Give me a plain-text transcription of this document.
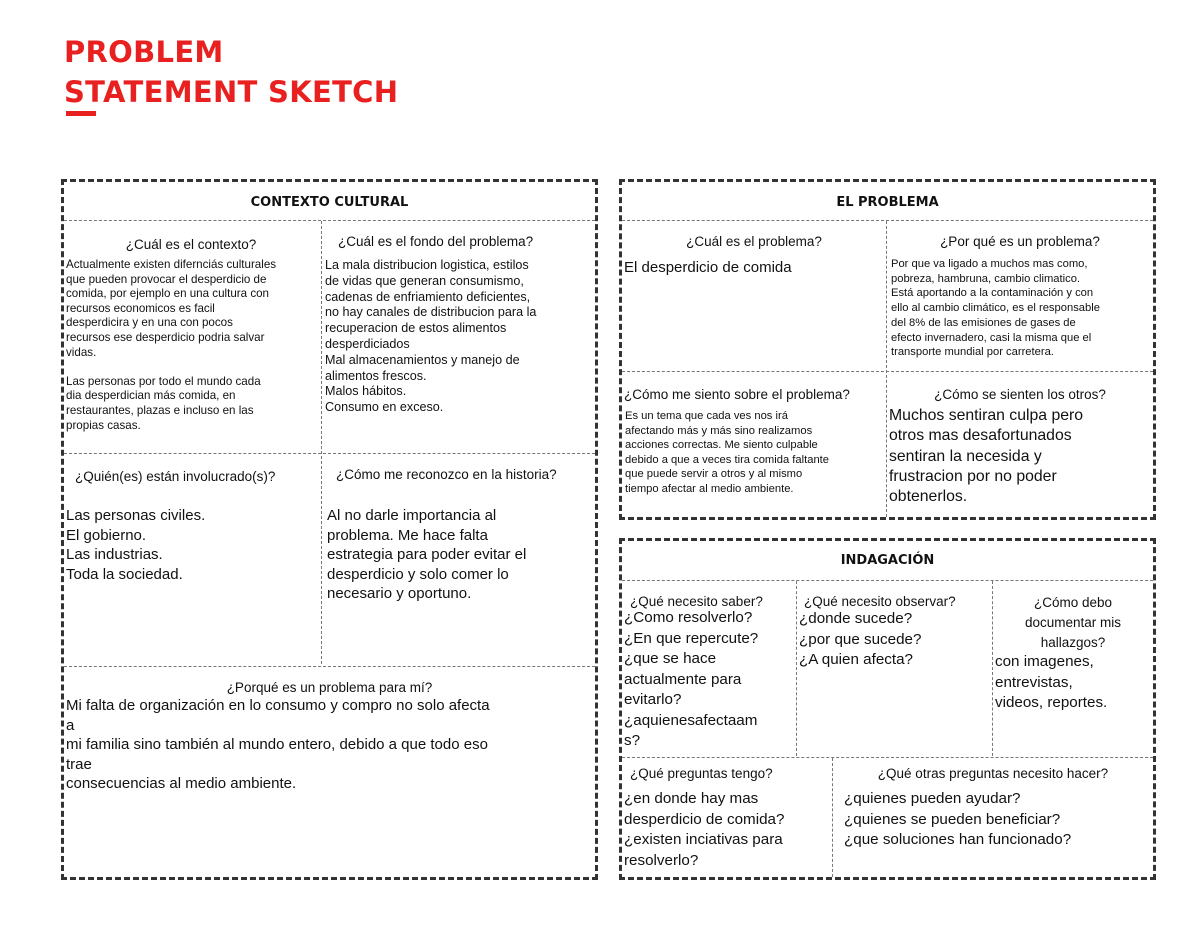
PROBLEM
STATEMENT SKETCH
CONTEXTO CULTURAL
¿Cuál es el contexto?
Actualmente existen difernciás culturales
que pueden provocar el desperdicio de
comida, por ejemplo en una cultura con
recursos economicos es facil
desperdicira y en una con pocos
recursos ese desperdicio podria salvar
vidas.

Las personas por todo el mundo cada
dia desperdician más comida, en
restaurantes, plazas e incluso en las
propias casas.
¿Cuál es el fondo del problema?
La mala distribucion logistica, estilos
de vidas que generan consumismo,
cadenas de enfriamiento deficientes,
no hay canales de distribucion para la
recuperacion de estos alimentos
desperdiciados
Mal almacenamientos y manejo de
alimentos frescos.
Malos hábitos.
Consumo en exceso.
¿Quién(es) están involucrado(s)?
Las personas civiles.
El gobierno.
Las industrias.
Toda la sociedad.
¿Cómo me reconozco en la historia?
Al no darle importancia al
problema. Me hace falta
estrategia para poder evitar el
desperdicio y solo comer lo
necesario y oportuno.
¿Porqué es un problema para mí?
Mi falta de organización en lo consumo y compro no solo afecta
a
mi familia sino también al mundo entero, debido a que todo eso
trae
consecuencias al medio ambiente.
EL PROBLEMA
¿Cuál es el problema?
El desperdicio de comida
¿Por qué es un problema?
Por que va ligado a muchos mas como,
pobreza, hambruna, cambio climatico.
Está aportando a la contaminación y con
ello al cambio climático, es el responsable
del 8% de las emisiones de gases de
efecto invernadero, casi la misma que el
transporte mundial por carretera.
¿Cómo me siento sobre el problema?
Es un tema que cada ves nos irá
afectando más y más sino realizamos
acciones correctas. Me siento culpable
debido a que a veces tira comida faltante
que puede servir a otros y al mismo
tiempo afectar al medio ambiente.
¿Cómo se sienten los otros?
Muchos sentiran culpa pero
otros mas desafortunados
sentiran la necesida y
frustracion por no poder
obtenerlos.
INDAGACIÓN
¿Qué necesito saber?
¿Como resolverlo?
¿En que repercute?
¿que se hace
actualmente para
evitarlo?
¿aquienesafectaam
s?
¿Qué necesito observar?
¿donde sucede?
¿por que sucede?
¿A quien afecta?
¿Cómo debo
documentar mis
hallazgos?
con imagenes,
entrevistas,
videos, reportes.
¿Qué preguntas tengo?
¿en donde hay mas
desperdicio de comida?
¿existen inciativas para
resolverlo?
¿Qué otras preguntas necesito hacer?
¿quienes pueden ayudar?
¿quienes se pueden beneficiar?
¿que soluciones han funcionado?
